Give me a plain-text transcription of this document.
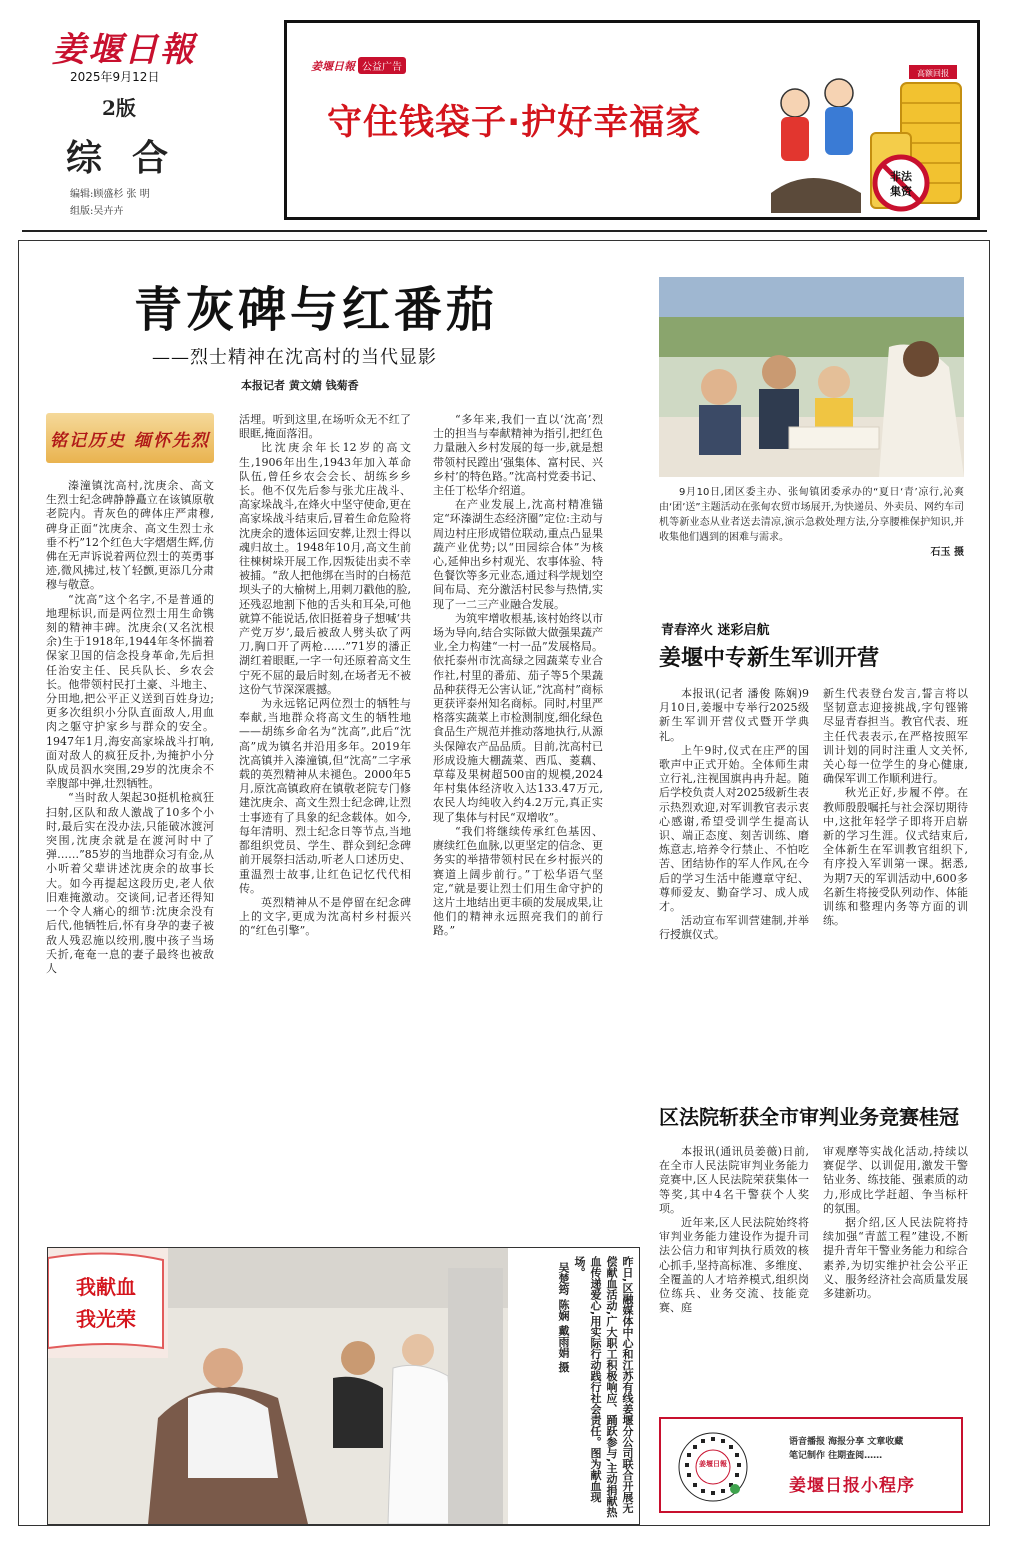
姜堰日報
2025年9月12日
2版
综合
编辑:顾盛杉 张 明
组版:吴卉卉
姜堰日報 公益广告
守住钱袋子·护好幸福家
高额回报
非法
集资
青灰碑与红番茄
——烈士精神在沈高村的当代显影
本报记者 黄文婧 钱菊香
铭记历史 缅怀先烈

溱潼镇沈高村,沈庚余、高文生烈士纪念碑静静矗立在该镇原敬老院内。青灰色的碑体庄严肃穆,碑身正面“沈庚余、高文生烈士永垂不朽”12个红色大字熠熠生辉,仿佛在无声诉说着两位烈士的英勇事迹,微风拂过,枝丫轻颤,更添几分肃穆与敬意。

“沈高”这个名字,不是普通的地理标识,而是两位烈士用生命镌刻的精神丰碑。沈庚余(又名沈根余)生于1918年,1944年冬怀揣着保家卫国的信念投身革命,先后担任治安主任、民兵队长、乡农会长。他带领村民打土豪、斗地主、分田地,把公平正义送到百姓身边;更多次组织小分队直面敌人,用血肉之躯守护家乡与群众的安全。1947年1月,海安高家垛战斗打响,面对敌人的疯狂反扑,为掩护小分队成员泅水突围,29岁的沈庚余不幸腹部中弹,壮烈牺牲。

“当时敌人架起30挺机枪疯狂扫射,区队和敌人激战了10多个小时,最后实在没办法,只能破冰渡河突围,沈庚余就是在渡河时中了弹……”85岁的当地群众习有金,从小听着父辈讲述沈庚余的故事长大。如今再提起这段历史,老人依旧难掩激动。交谈间,记者还得知一个令人痛心的细节:沈庚余没有后代,他牺牲后,怀有身孕的妻子被敌人残忍施以绞刑,腹中孩子当场夭折,奄奄一息的妻子最终也被敌人

活埋。听到这里,在场听众无不红了眼眶,掩面落泪。

比沈庚余年长12岁的高文生,1906年出生,1943年加入革命队伍,曾任乡农会会长、胡练乡乡长。他不仅先后参与张尤庄战斗、高家垛战斗,在烽火中坚守使命,更在高家垛战斗结束后,冒着生命危险将沈庚余的遗体运回安葬,让烈士得以魂归故土。1948年10月,高文生前往棟树垛开展工作,因叛徒出卖不幸被捕。“敌人把他绑在当时的白杨范坝头子的大榆树上,用刺刀戳他的脸,还残忍地割下他的舌头和耳朵,可他就算不能说话,依旧挺着身子想喊‘共产党万岁’,最后被敌人劈头砍了两刀,胸口开了两枪……”71岁的潘正湖红着眼眶,一字一句还原着高文生宁死不屈的最后时刻,在场者无不被这份气节深深震撼。

为永远铭记两位烈士的牺牲与奉献,当地群众将高文生的牺牲地——胡练乡命名为“沈高”,此后“沈高”成为镇名并沿用多年。2019年沈高镇并入溱潼镇,但“沈高”二字承载的英烈精神从未褪色。2000年5月,原沈高镇政府在镇敬老院专门修建沈庚余、高文生烈士纪念碑,让烈士事迹有了具象的纪念载体。如今,每年清明、烈士纪念日等节点,当地都组织党员、学生、群众到纪念碑前开展祭扫活动,听老人口述历史、重温烈士故事,让红色记忆代代相传。

英烈精神从不是停留在纪念碑上的文字,更成为沈高村乡村振兴的“红色引擎”。

“多年来,我们一直以‘沈高’烈士的担当与奉献精神为指引,把红色力量融入乡村发展的每一步,就是想带领村民蹚出‘强集体、富村民、兴乡村’的特色路。”沈高村党委书记、主任丁松华介绍道。

在产业发展上,沈高村精准锚定“环溱湖生态经济圈”定位:主动与周边村庄形成错位联动,重点凸显果蔬产业优势;以“田园综合体”为核心,延伸出乡村观光、农事体验、特色餐饮等多元业态,通过科学规划空间布局、充分激活村民参与热情,实现了一二三产业融合发展。

为筑牢增收根基,该村始终以市场为导向,结合实际做大做强果蔬产业,全力构建“一村一品”发展格局。依托泰州市沈高绿之园蔬菜专业合作社,村里的番茄、茄子等5个果蔬品种获得无公害认证,“沈高村”商标更获评泰州知名商标。同时,村里严格落实蔬菜上市检测制度,细化绿色食品生产规范并推动落地执行,从源头保障农产品品质。目前,沈高村已形成设施大棚蔬菜、西瓜、菱藕、草莓及果树超500亩的规模,2024年村集体经济收入达133.47万元,农民人均纯收入约4.2万元,真正实现了集体与村民“双增收”。

“我们将继续传承红色基因、赓续红色血脉,以更坚定的信念、更务实的举措带领村民在乡村振兴的赛道上阔步前行。”丁松华语气坚定,“就是要让烈士们用生命守护的这片土地结出更丰硕的发展成果,让他们的精神永远照亮我们的前行路。”

9月10日,团区委主办、张甸镇团委承办的“夏日‘青’凉行,沁爽由‘团’送”主题活动在张甸农贸市场展开,为快递员、外卖员、网约车司机等新业态从业者送去清凉,演示急救处理方法,分享腰椎保护知识,并收集他们遇到的困难与需求。
石玉 摄
青春淬火 迷彩启航
姜堰中专新生军训开营

本报讯(记者 潘俊 陈娴)9月10日,姜堰中专举行2025级新生军训开营仪式暨开学典礼。

上午9时,仪式在庄严的国歌声中正式开始。全体师生肃立行礼,注视国旗冉冉升起。随后学校负责人对2025级新生表示热烈欢迎,对军训教官表示衷心感谢,希望受训学生提高认识、端正态度、刻苦训练、磨炼意志,培养令行禁止、不怕吃苦、团结协作的军人作风,在今后的学习生活中能遵章守纪、尊师爱友、勤奋学习、成人成才。

活动宣布军训营建制,并举行授旗仪式。

新生代表登台发言,誓言将以坚韧意志迎接挑战,字句铿锵尽显青春担当。教官代表、班主任代表表示,在严格按照军训计划的同时注重人文关怀,关心每一位学生的身心健康,确保军训工作顺利进行。

秋光正好,步履不停。在教师殷殷嘱托与社会深切期待中,这批年轻学子即将开启崭新的学习生涯。仪式结束后,全体新生在军训教官组织下,有序投入军训第一课。据悉,为期7天的军训活动中,600多名新生将接受队列动作、体能训练和整理内务等方面的训练。

区法院斩获全市审判业务竞赛桂冠

本报讯(通讯员姜薇)日前,在全市人民法院审判业务能力竞赛中,区人民法院荣获集体一等奖,其中4名干警获个人奖项。

近年来,区人民法院始终将审判业务能力建设作为提升司法公信力和审判执行质效的核心抓手,坚持高标准、多维度、全覆盖的人才培养模式,组织岗位练兵、业务交流、技能竞赛、庭

审观摩等实战化活动,持续以赛促学、以训促用,激发干警钻业务、练技能、强素质的动力,形成比学赶超、争当标杆的氛围。

据介绍,区人民法院将持续加强“青蓝工程”建设,不断提升青年干警业务能力和综合素养,为切实维护社会公平正义、服务经济社会高质量发展多建新功。

姜堰日報
语音播报 海报分享 文章收藏
笔记制作 往期查阅……
姜堰日报小程序
我献血
我光荣	昨日,区融媒体中心和江苏有线姜堰分公司联合开展无偿献血活动,广大职工积极响应、踊跃参与,主动捐献热血传递爱心,用实际行动践行社会责任。图为献血现场。
吴楚筠 陈娴 戴雨娟 摄
